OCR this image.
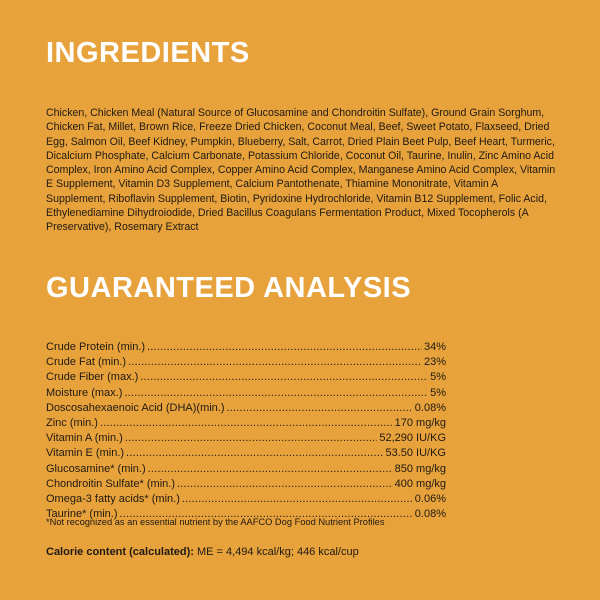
INGREDIENTS

Chicken, Chicken Meal (Natural Source of Glucosamine and Chondroitin Sulfate), Ground Grain Sorghum, Chicken Fat, Millet, Brown Rice, Freeze Dried Chicken, Coconut Meal, Beef, Sweet Potato, Flaxseed, Dried Egg, Salmon Oil, Beef Kidney, Pumpkin, Blueberry, Salt, Carrot, Dried Plain Beet Pulp, Beef Heart, Turmeric, Dicalcium Phosphate, Calcium Carbonate, Potassium Chloride, Coconut Oil, Taurine, Inulin, Zinc Amino Acid Complex, Iron Amino Acid Complex, Copper Amino Acid Complex, Manganese Amino Acid Complex, Vitamin E Supplement, Vitamin D3 Supplement, Calcium Pantothenate, Thiamine Mononitrate, Vitamin A Supplement, Riboflavin Supplement, Biotin, Pyridoxine Hydrochloride, Vitamin B12 Supplement, Folic Acid, Ethylenediamine Dihydroiodide, Dried Bacillus Coagulans Fermentation Product, Mixed Tocopherols (A Preservative), Rosemary Extract

GUARANTEED ANALYSIS
Crude Protein (min.) .....	34%
Crude Fat (min.) .....	23%
Crude Fiber (max.) .....	5%
Moisture (max.) .....	5%
Doscosahexaenoic Acid (DHA)(min.) .....	0.08%
Zinc (min.) .....	170 mg/kg
Vitamin A (min.) .....	52,290 IU/KG
Vitamin E (min.) .....	53.50 IU/KG
Glucosamine* (min.) .....	850 mg/kg
Chondroitin Sulfate* (min.) .....	400 mg/kg
Omega-3 fatty acids* (min.) .....	0.06%
Taurine* (min.) .....	0.08%

*Not recognized as an essential nutrient by the AAFCO Dog Food Nutrient Profiles

Calorie content (calculated): ME = 4,494 kcal/kg; 446 kcal/cup
